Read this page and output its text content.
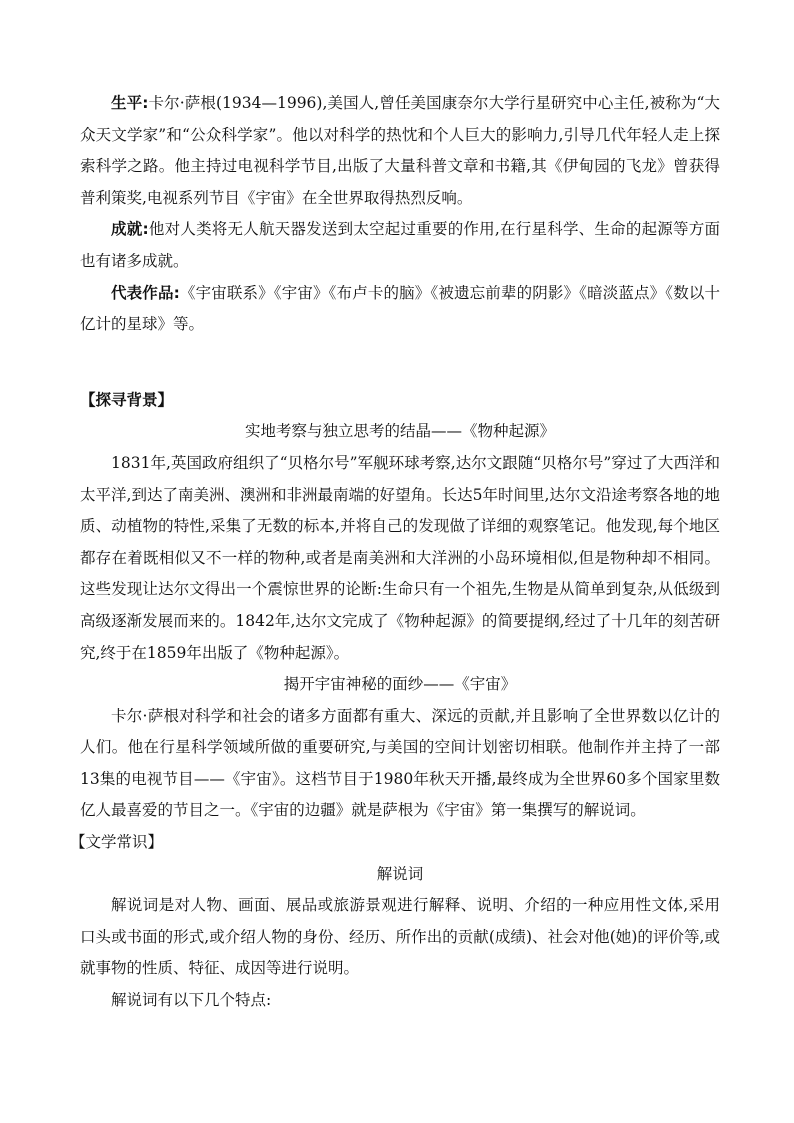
生平:卡尔·萨根(1934—1996),美国人,曾任美国康奈尔大学行星研究中心主任,被称为“大众天文学家”和“公众科学家”。他以对科学的热忱和个人巨大的影响力,引导几代年轻人走上探索科学之路。他主持过电视科学节目,出版了大量科普文章和书籍,其《伊甸园的飞龙》曾获得普利策奖,电视系列节目《宇宙》在全世界取得热烈反响。

成就:他对人类将无人航天器发送到太空起过重要的作用,在行星科学、生命的起源等方面也有诸多成就。

代表作品:《宇宙联系》《宇宙》《布卢卡的脑》《被遗忘前辈的阴影》《暗淡蓝点》《数以十亿计的星球》等。

【探寻背景】

实地考察与独立思考的结晶——《物种起源》

1831年,英国政府组织了“贝格尔号”军舰环球考察,达尔文跟随“贝格尔号”穿过了大西洋和太平洋,到达了南美洲、澳洲和非洲最南端的好望角。长达5年时间里,达尔文沿途考察各地的地质、动植物的特性,采集了无数的标本,并将自己的发现做了详细的观察笔记。他发现,每个地区都存在着既相似又不一样的物种,或者是南美洲和大洋洲的小岛环境相似,但是物种却不相同。这些发现让达尔文得出一个震惊世界的论断:生命只有一个祖先,生物是从简单到复杂,从低级到高级逐渐发展而来的。1842年,达尔文完成了《物种起源》的简要提纲,经过了十几年的刻苦研究,终于在1859年出版了《物种起源》。

揭开宇宙神秘的面纱——《宇宙》

卡尔·萨根对科学和社会的诸多方面都有重大、深远的贡献,并且影响了全世界数以亿计的人们。他在行星科学领域所做的重要研究,与美国的空间计划密切相联。他制作并主持了一部13集的电视节目——《宇宙》。这档节目于1980年秋天开播,最终成为全世界60多个国家里数亿人最喜爱的节目之一。《宇宙的边疆》就是萨根为《宇宙》第一集撰写的解说词。

【文学常识】

解说词

解说词是对人物、画面、展品或旅游景观进行解释、说明、介绍的一种应用性文体,采用口头或书面的形式,或介绍人物的身份、经历、所作出的贡献(成绩)、社会对他(她)的评价等,或就事物的性质、特征、成因等进行说明。

解说词有以下几个特点:
